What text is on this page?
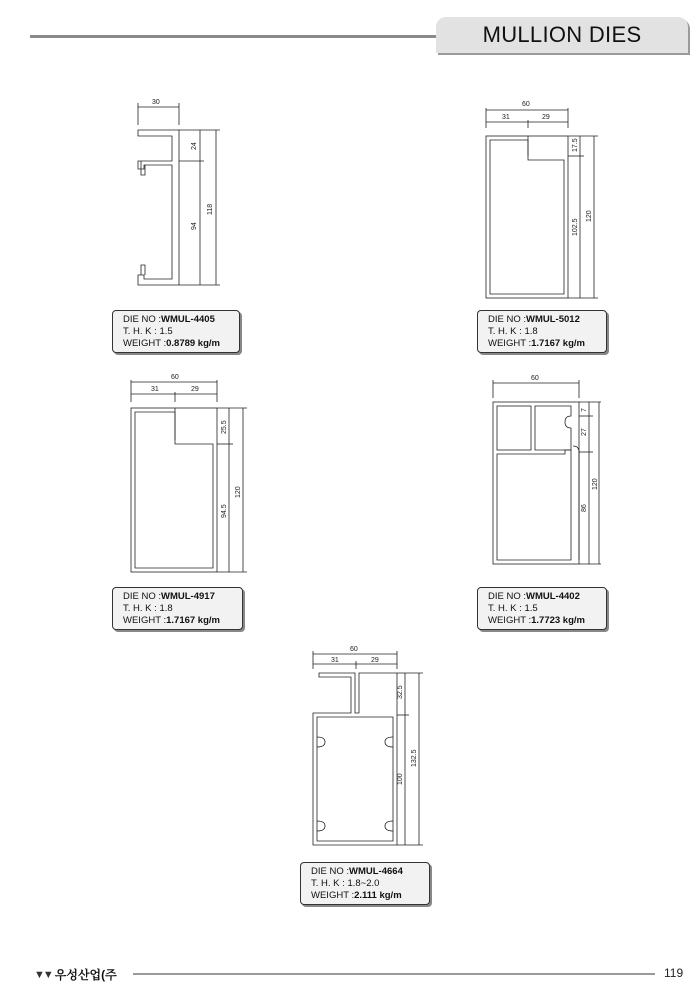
MULLION DIES
30
24
94
118
DIE NO :WMUL-4405
T. H. K : 1.5
WEIGHT :0.8789 kg/m
60
31	29
17.5
102.5
120
DIE NO :WMUL-5012
T. H. K : 1.8
WEIGHT :1.7167 kg/m
60
31	29
25.5
94.5
120
DIE NO :WMUL-4917
T. H. K : 1.8
WEIGHT :1.7167 kg/m
60
7
27
86
120
DIE NO :WMUL-4402
T. H. K : 1.5
WEIGHT :1.7723 kg/m
60
31	29
32.5
100
132.5
DIE NO :WMUL-4664
T. H. K : 1.8~2.0
WEIGHT :2.111 kg/m
▼▼ 우성산업(주	119
